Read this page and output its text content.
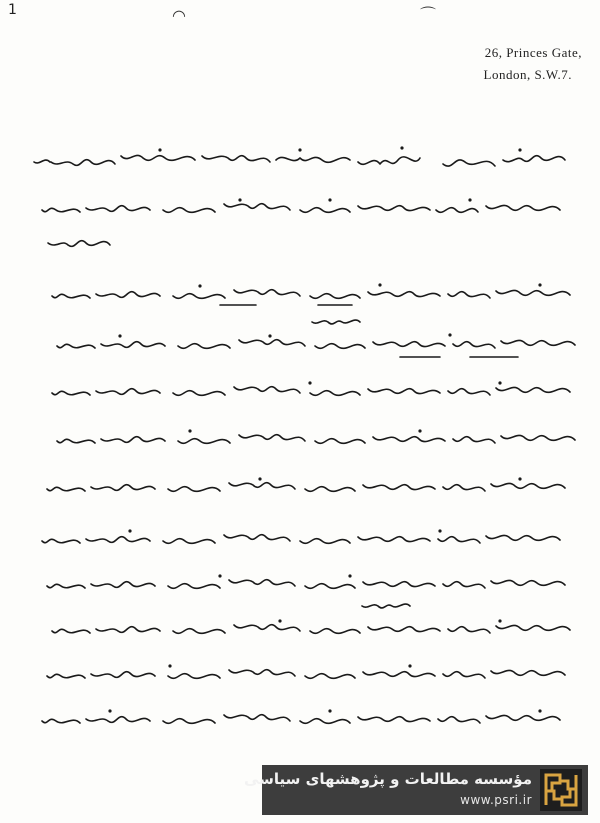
1	◠	⌒
26, Princes Gate,
London, S.W.7.
مؤسسه مطالعات و پژوهشهای سیاسی
www.psri.ir
